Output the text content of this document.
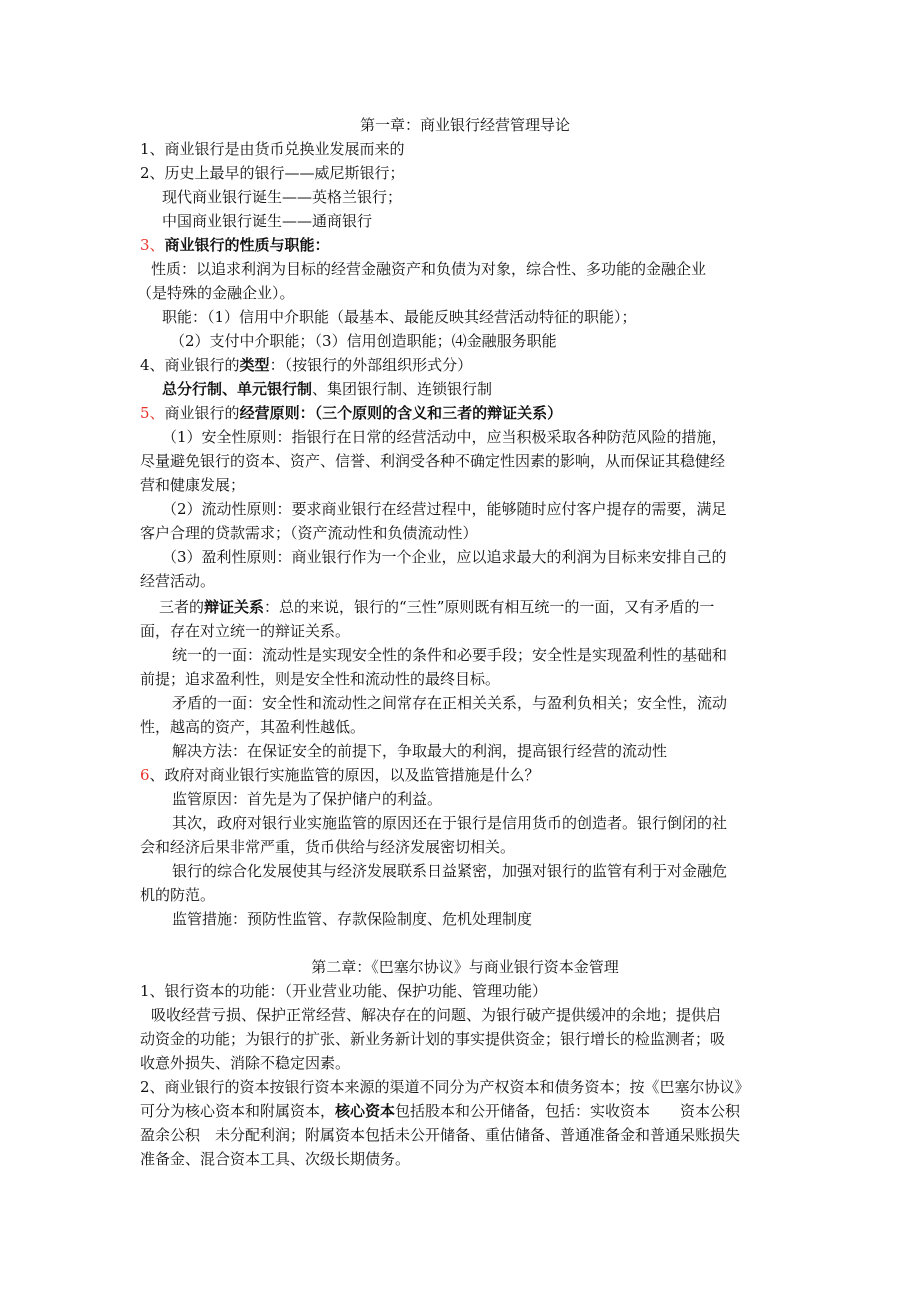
第一章：商业银行经营管理导论
1、商业银行是由货币兑换业发展而来的
2、历史上最早的银行——威尼斯银行；
现代商业银行诞生——英格兰银行；
中国商业银行诞生——通商银行
3、商业银行的性质与职能：
性质：以追求利润为目标的经营金融资产和负债为对象，综合性、多功能的金融企业
（是特殊的金融企业）。
职能：（1）信用中介职能（最基本、最能反映其经营活动特征的职能）；
（2）支付中介职能；（3）信用创造职能；⑷金融服务职能
4、商业银行的类型：（按银行的外部组织形式分）
总分行制、单元银行制、集团银行制、连锁银行制
5、商业银行的经营原则：（三个原则的含义和三者的辩证关系）
（1）安全性原则：指银行在日常的经营活动中，应当积极采取各种防范风险的措施，
尽量避免银行的资本、资产、信誉、利润受各种不确定性因素的影响，从而保证其稳健经
营和健康发展；
（2）流动性原则：要求商业银行在经营过程中，能够随时应付客户提存的需要，满足
客户合理的贷款需求；（资产流动性和负债流动性）
（3）盈利性原则：商业银行作为一个企业，应以追求最大的利润为目标来安排自己的
经营活动。
三者的辩证关系：总的来说，银行的“三性”原则既有相互统一的一面，又有矛盾的一
面，存在对立统一的辩证关系。
统一的一面：流动性是实现安全性的条件和必要手段；安全性是实现盈利性的基础和
前提；追求盈利性，则是安全性和流动性的最终目标。
矛盾的一面：安全性和流动性之间常存在正相关关系，与盈利负相关；安全性，流动
性，越高的资产，其盈利性越低。
解决方法：在保证安全的前提下，争取最大的利润，提高银行经营的流动性
6、政府对商业银行实施监管的原因，以及监管措施是什么？
监管原因：首先是为了保护储户的利益。
其次，政府对银行业实施监管的原因还在于银行是信用货币的创造者。银行倒闭的社
会和经济后果非常严重，货币供给与经济发展密切相关。
银行的综合化发展使其与经济发展联系日益紧密，加强对银行的监管有利于对金融危
机的防范。
监管措施：预防性监管、存款保险制度、危机处理制度
第二章：《巴塞尔协议》与商业银行资本金管理
1、银行资本的功能：（开业营业功能、保护功能、管理功能）
吸收经营亏损、保护正常经营、解决存在的问题、为银行破产提供缓冲的余地；提供启
动资金的功能；为银行的扩张、新业务新计划的事实提供资金；银行增长的检监测者；吸
收意外损失、消除不稳定因素。
2、商业银行的资本按银行资本来源的渠道不同分为产权资本和债务资本；按《巴塞尔协议》
可分为核心资本和附属资本，核心资本包括股本和公开储备，包括：实收资本　　资本公积
盈余公积　未分配利润；附属资本包括未公开储备、重估储备、普通准备金和普通呆账损失
准备金、混合资本工具、次级长期债务。
